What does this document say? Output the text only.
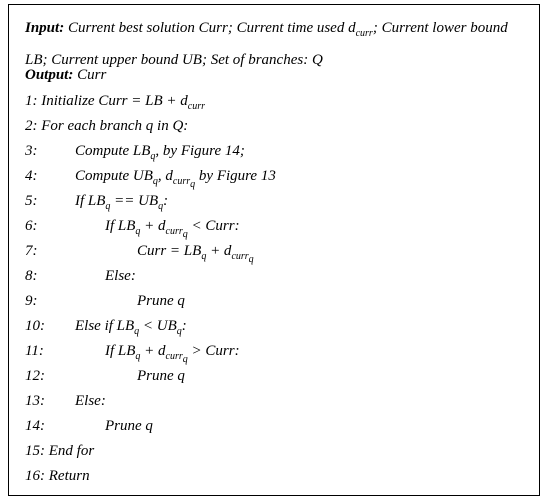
Input: Current best solution Curr; Current time used $d_{curr}$; Current lower bound LB; Current upper bound UB; Set of branches: Q
Output: Curr
1: Initialize Curr = LB + $d_{curr}$
2: For each branch q in Q:
3:	Compute $LB_q$, by Figure 14;
4:	Compute $UB_q$, $d_{curr_q}$ by Figure 13
5:	If $LB_q == UB_q$:
6:	If $LB_q + d_{curr_q}$ < Curr:
7:	Curr = $LB_q + d_{curr_q}$
8:	Else:
9:	Prune q
10: Else if $LB_q < UB_q$:
11:	If $LB_q + d_{curr_q}$ > Curr:
12:	Prune q
13: Else:
14:	Prune q
15: End for
16: Return
